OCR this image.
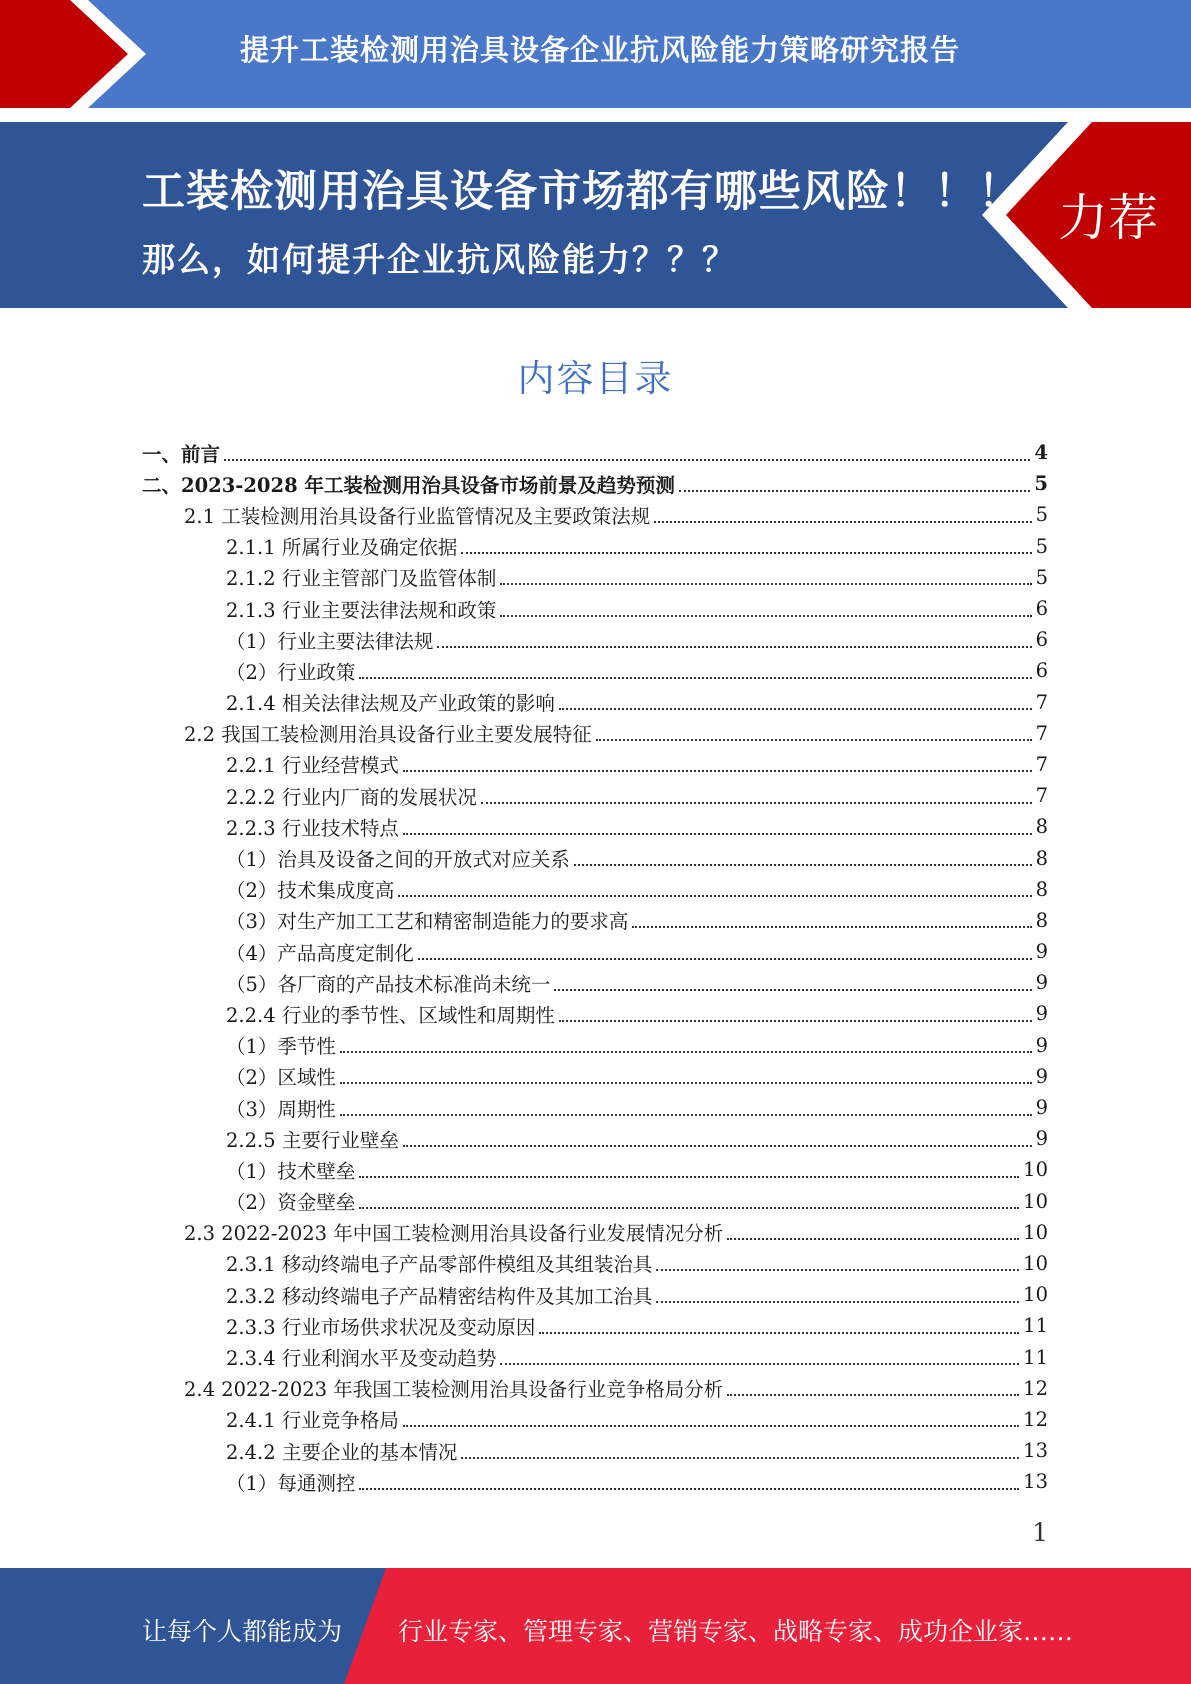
提升工装检测用治具设备企业抗风险能力策略研究报告
工装检测用治具设备市场都有哪些风险！！！
那么，如何提升企业抗风险能力？？？
力荐
内容目录
一、前言	4
二、2023-2028 年工装检测用治具设备市场前景及趋势预测	5
2.1 工装检测用治具设备行业监管情况及主要政策法规	5
2.1.1 所属行业及确定依据	5
2.1.2 行业主管部门及监管体制	5
2.1.3 行业主要法律法规和政策	6
（1）行业主要法律法规	6
（2）行业政策	6
2.1.4 相关法律法规及产业政策的影响	7
2.2 我国工装检测用治具设备行业主要发展特征	7
2.2.1 行业经营模式	7
2.2.2 行业内厂商的发展状况	7
2.2.3 行业技术特点	8
（1）治具及设备之间的开放式对应关系	8
（2）技术集成度高	8
（3）对生产加工工艺和精密制造能力的要求高	8
（4）产品高度定制化	9
（5）各厂商的产品技术标准尚未统一	9
2.2.4 行业的季节性、区域性和周期性	9
（1）季节性	9
（2）区域性	9
（3）周期性	9
2.2.5 主要行业壁垒	9
（1）技术壁垒	10
（2）资金壁垒	10
2.3 2022-2023 年中国工装检测用治具设备行业发展情况分析	10
2.3.1 移动终端电子产品零部件模组及其组装治具	10
2.3.2 移动终端电子产品精密结构件及其加工治具	10
2.3.3 行业市场供求状况及变动原因	11
2.3.4 行业利润水平及变动趋势	11
2.4 2022-2023 年我国工装检测用治具设备行业竞争格局分析	12
2.4.1 行业竞争格局	12
2.4.2 主要企业的基本情况	13
（1）每通测控	13
1
让每个人都能成为 行业专家、管理专家、营销专家、战略专家、成功企业家……
